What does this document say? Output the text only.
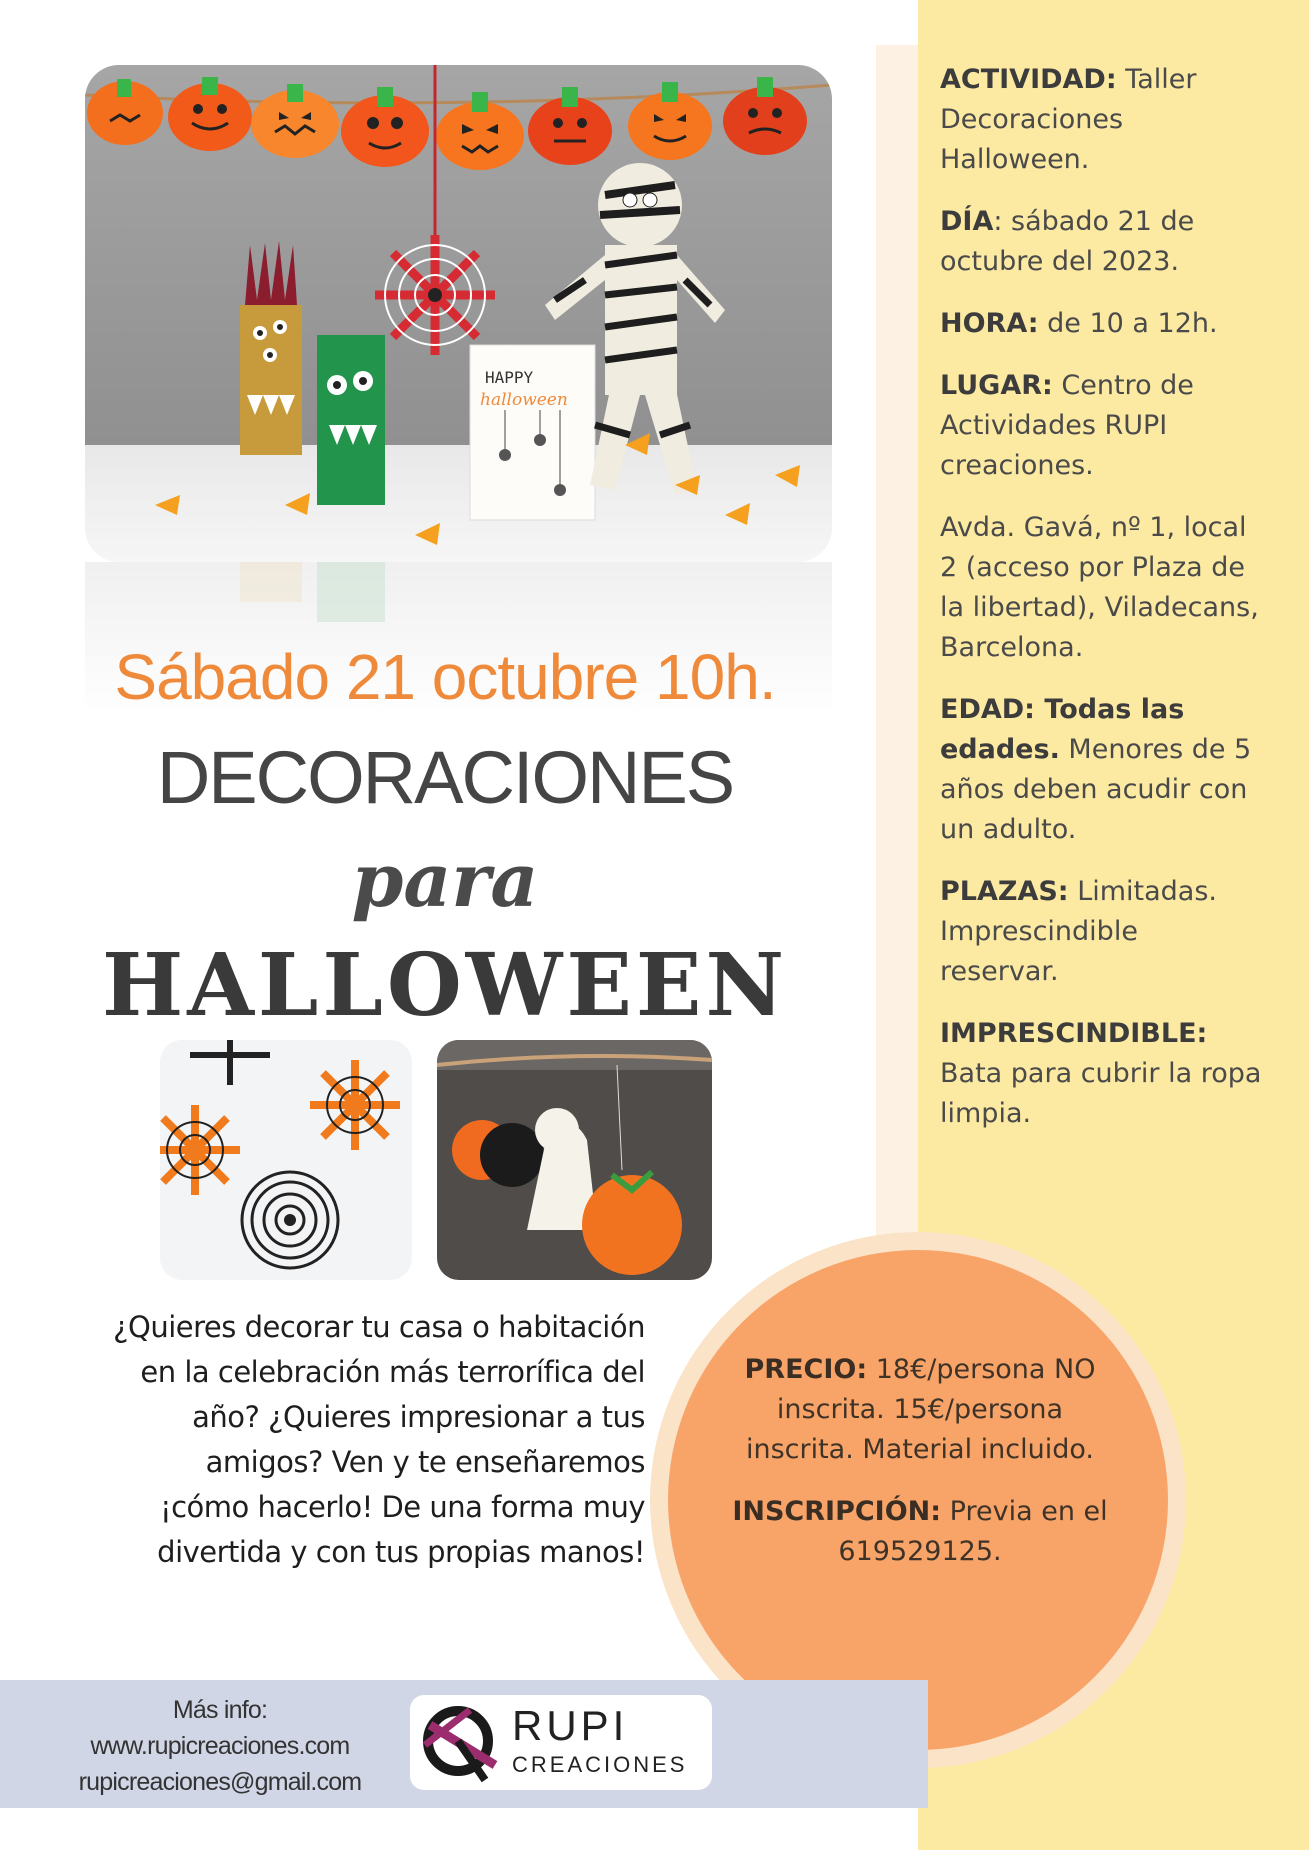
ACTIVIDAD: Taller Decoraciones Halloween.

DÍA: sábado 21 de octubre del 2023.

HORA: de 10 a 12h.

LUGAR: Centro de Actividades RUPI creaciones.

Avda. Gavá, nº 1, local 2 (acceso por Plaza de la libertad), Viladecans, Barcelona.

EDAD: Todas las edades. Menores de 5 años deben acudir con un adulto.

PLAZAS: Limitadas. Imprescindible reservar.

IMPRESCINDIBLE:
Bata para cubrir la ropa limpia.

HAPPY
halloween
Sábado 21 octubre 10h.
DECORACIONES
para
HALLOWEEN
¿Quieres decorar tu casa o habitación en la celebración más terrorífica del año? ¿Quieres impresionar a tus amigos? Ven y te enseñaremos ¡cómo hacerlo! De una forma muy divertida y con tus propias manos!

PRECIO: 18€/persona NO inscrita. 15€/persona inscrita. Material incluido.

INSCRIPCIÓN: Previa en el 619529125.

Más info:
www.rupicreaciones.com
rupicreaciones@gmail.com
RUPI
CREACIONES
